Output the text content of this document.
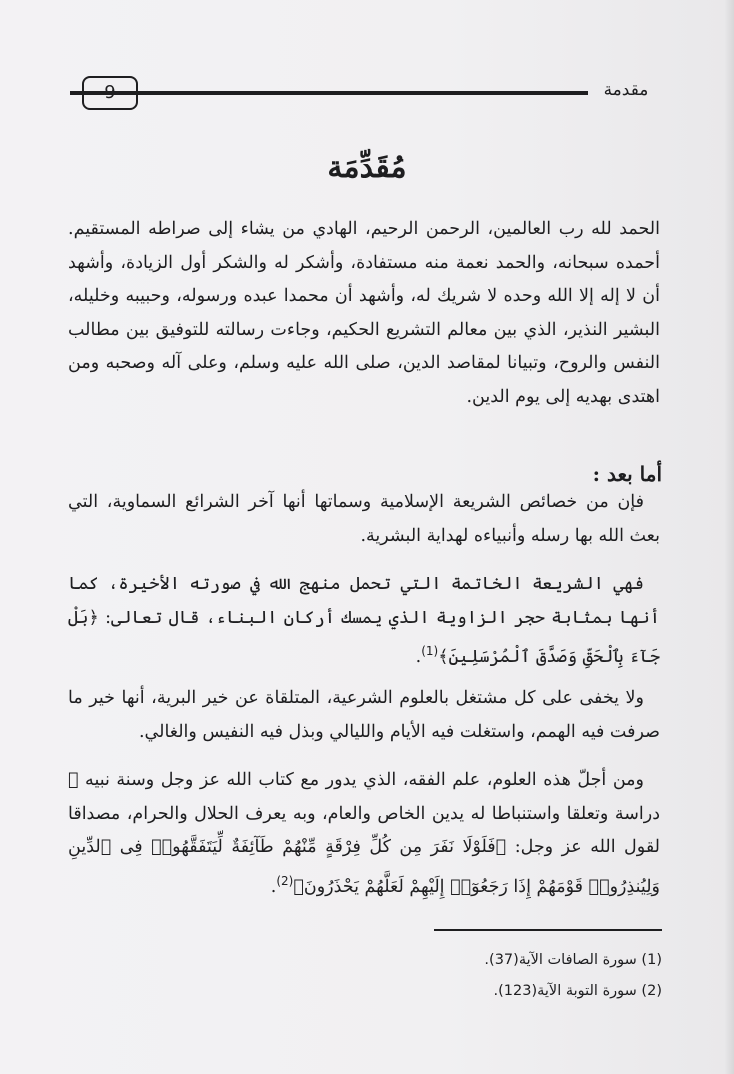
مقدمة
مُقَدِّمَة
الحمد لله رب العالمين، الرحمن الرحيم، الهادي من يشاء إلى صراطه المستقيم. أحمده سبحانه، والحمد نعمة منه مستفادة، وأشكر له والشكر أول الزيادة، وأشهد أن لا إله إلا الله وحده لا شريك له، وأشهد أن محمدا عبده ورسوله، وحبيبه وخليله، البشير النذير، الذي بين معالم التشريع الحكيم، وجاءت رسالته للتوفيق بين مطالب النفس والروح، وتبيانا لمقاصد الدين، صلى الله عليه وسلم، وعلى آله وصحبه ومن اهتدى بهديه إلى يوم الدين.
أما بعد :
فإن من خصائص الشريعة الإسلامية وسماتها أنها آخر الشرائع السماوية، التي بعث الله بها رسله وأنبياءه لهداية البشرية.
فهي الشريعة الخاتمة التي تحمل منهج الله في صورته الأخيرة، كما أنها بمثابة حجر الزاوية الذي يمسك أركان البناء، قال تعالى: ﴿بَلْ جَآءَ بِٱلْحَقِّ وَصَدَّقَ ٱلْمُرْسَلِينَ﴾$^{(1)}$.
ولا يخفى على كل مشتغل بالعلوم الشرعية، المتلقاة عن خير البرية، أنها خير ما صرفت فيه الهمم، واستغلت فيه الأيام والليالي وبذل فيه النفيس والغالي.
ومن أجلّ هذه العلوم، علم الفقه، الذي يدور مع كتاب الله عز وجل وسنة نبيه ﷺ دراسة وتعلقا واستنباطا له يدين الخاص والعام، وبه يعرف الحلال والحرام، مصداقا لقول الله عز وجل: ﴿فَلَوْلَا نَفَرَ مِن كُلِّ فِرْقَةٍ مِّنْهُمْ طَآئِفَةٌ لِّيَتَفَقَّهُوا۟ فِى ٱلدِّينِ وَلِيُنذِرُوا۟ قَوْمَهُمْ إِذَا رَجَعُوٓا۟ إِلَيْهِمْ لَعَلَّهُمْ يَحْذَرُونَ﴾$^{(2)}$.
(1) سورة الصافات الآية(37).
(2) سورة التوبة الآية(123).
